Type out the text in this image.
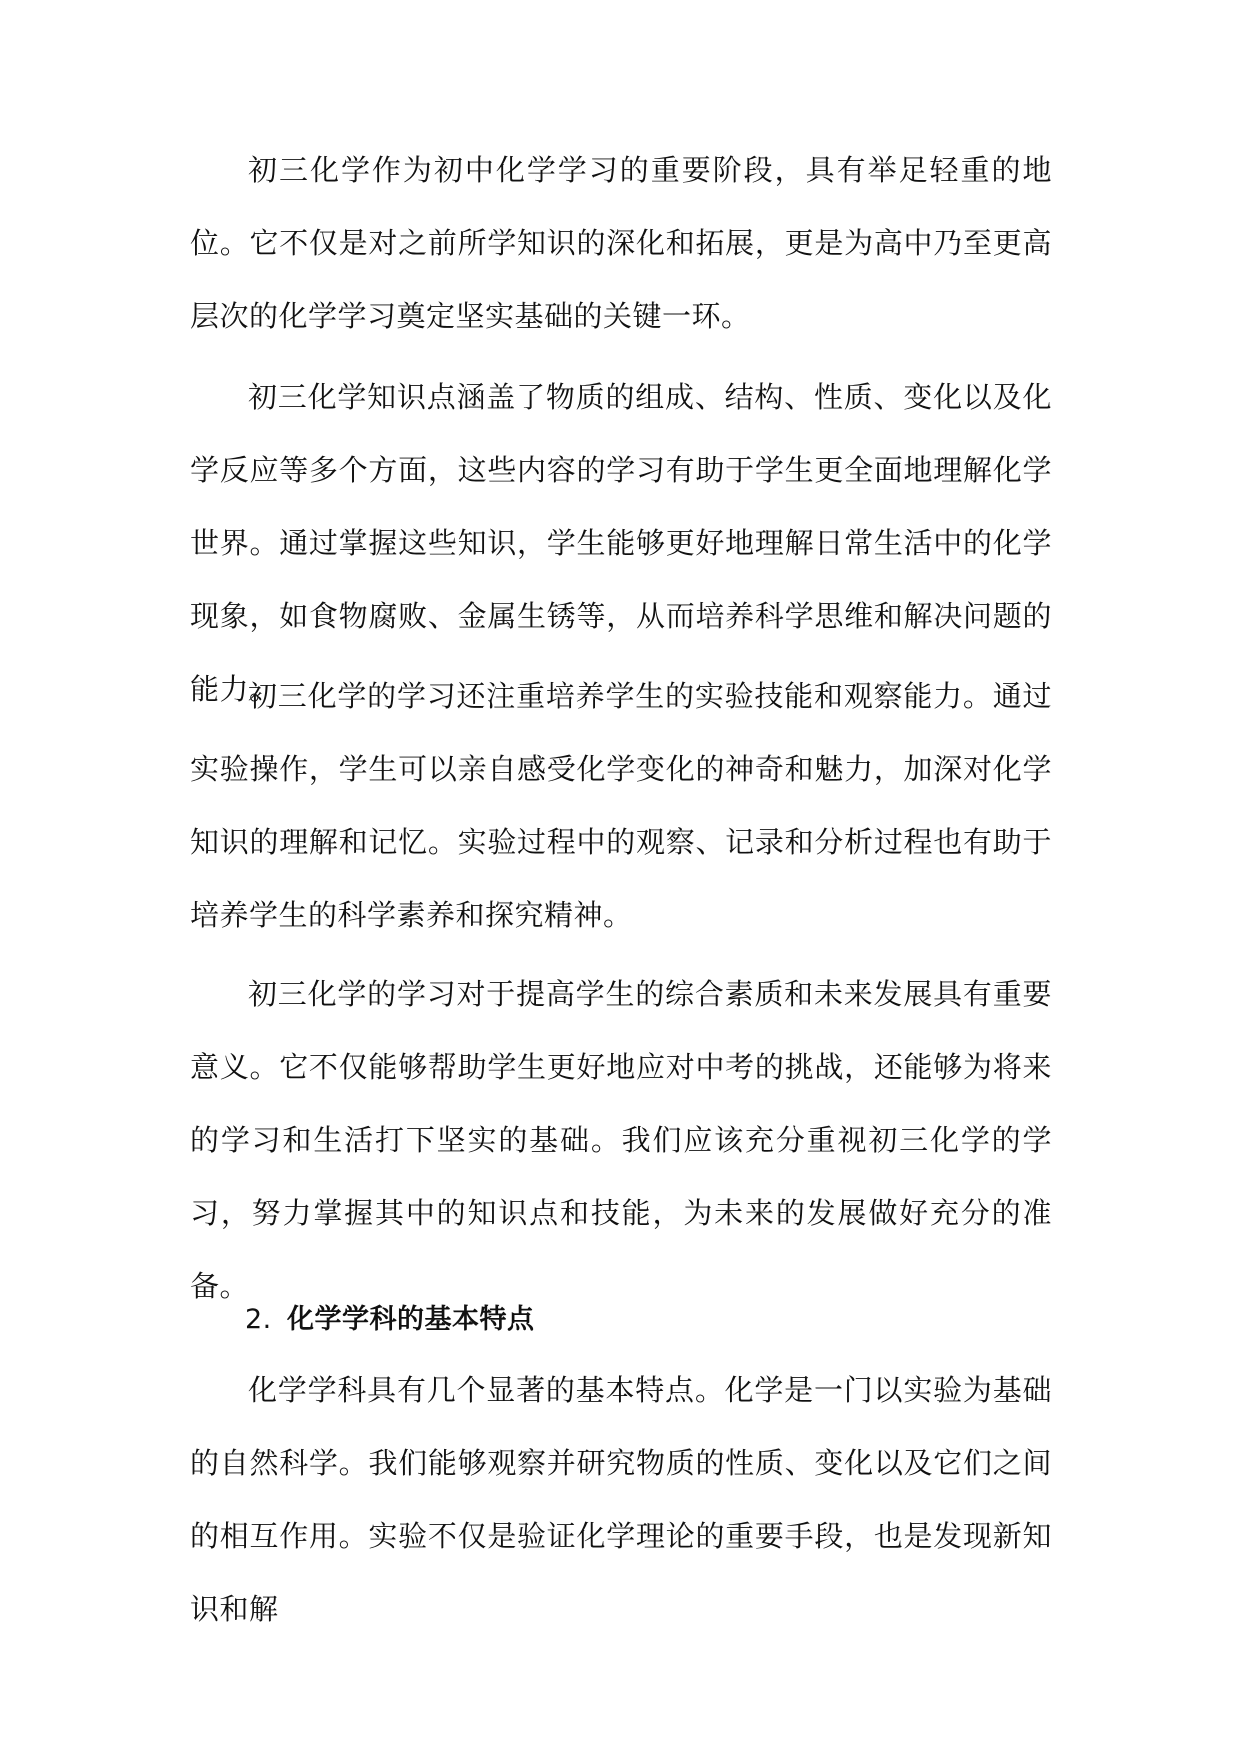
初三化学作为初中化学学习的重要阶段，具有举足轻重的地位。它不仅是对之前所学知识的深化和拓展，更是为高中乃至更高层次的化学学习奠定坚实基础的关键一环。

初三化学知识点涵盖了物质的组成、结构、性质、变化以及化学反应等多个方面，这些内容的学习有助于学生更全面地理解化学世界。通过掌握这些知识，学生能够更好地理解日常生活中的化学现象，如食物腐败、金属生锈等，从而培养科学思维和解决问题的能力。

初三化学的学习还注重培养学生的实验技能和观察能力。通过实验操作，学生可以亲自感受化学变化的神奇和魅力，加深对化学知识的理解和记忆。实验过程中的观察、记录和分析过程也有助于培养学生的科学素养和探究精神。

初三化学的学习对于提高学生的综合素质和未来发展具有重要意义。它不仅能够帮助学生更好地应对中考的挑战，还能够为将来的学习和生活打下坚实的基础。我们应该充分重视初三化学的学习，努力掌握其中的知识点和技能，为未来的发展做好充分的准备。

2. 化学学科的基本特点

化学学科具有几个显著的基本特点。化学是一门以实验为基础的自然科学。我们能够观察并研究物质的性质、变化以及它们之间的相互作用。实验不仅是验证化学理论的重要手段，也是发现新知识和解
